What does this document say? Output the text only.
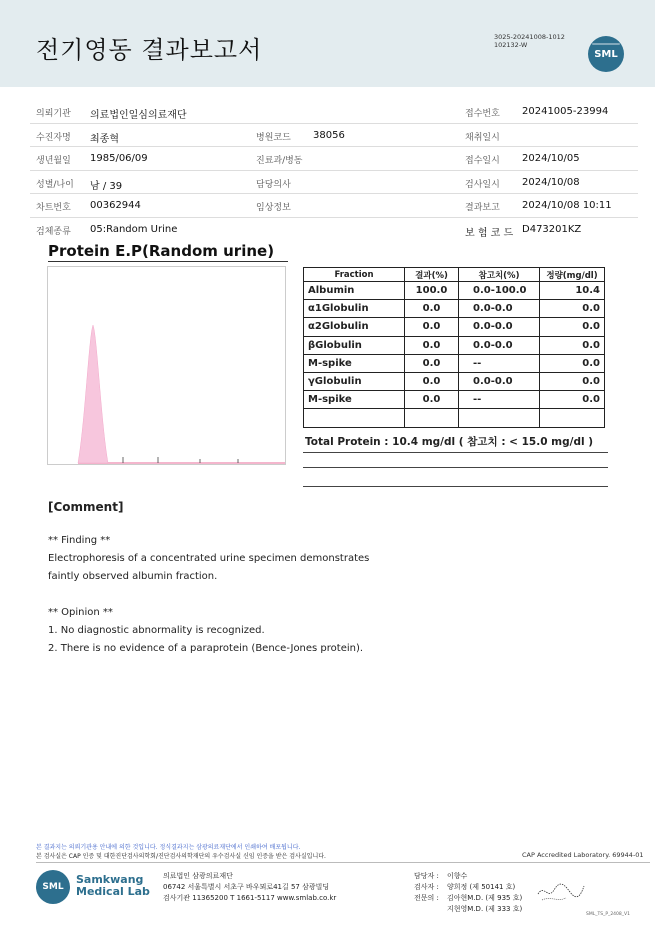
전기영동 결과보고서	3025-20241008-1012
102132-W
SML
의뢰기관 의료법인일심의료재단	접수번호 20241005-23994
수진자명 최종혁	병원코드 38056	채취일시
생년월일 1985/06/09	진료과/병동	접수일시 2024/10/05
성별/나이 남 / 39	담당의사	검사일시 2024/10/08
차트번호 00362944	임상정보	결과보고 2024/10/08 10:11
검체종류 05:Random Urine	보 험 코 드 D473201KZ
Protein E.P(Random urine)
Fraction	결과(%)	참고치(%)	정량(mg/dl)
Albumin	100.0	0.0-100.0	10.4
α1Globulin	0.0	0.0-0.0	0.0
α2Globulin	0.0	0.0-0.0	0.0
βGlobulin	0.0	0.0-0.0	0.0
M-spike	0.0	--	0.0
γGlobulin	0.0	0.0-0.0	0.0
M-spike	0.0	--	0.0

Total Protein : 10.4 mg/dl ( 참고치 : < 15.0 mg/dl )
[Comment]
** Finding **
Electrophoresis of a concentrated urine specimen demonstrates
faintly observed albumin fraction.
** Opinion **
1. No diagnostic abnormality is recognized.
2. There is no evidence of a paraprotein (Bence-Jones protein).
본 결과지는 의뢰기관용 안내에 의한 것입니다. 정식결과지는 삼광의료재단에서 인쇄하여 배포됩니다.
본 검사실은 CAP 인증 및 대한진단검사의학회/진단검사의학재단의 우수검사실 신임 인증을 받은 검사실입니다.	CAP Accredited Laboratory. 69944-01
SML
Samkwang
Medical Lab
의료법인 삼광의료재단
06742 서울특별시 서초구 바우뫼로41길 57 삼광빌딩
검사기관 11365200 T 1661-5117 www.smlab.co.kr
담당자 : 이향수
검사자 : 양희정 (제 50141 호)
전문의 : 김아현M.D. (제 935 호)
지현영M.D. (제 333 호)
SML_TS_P_2408_V1
